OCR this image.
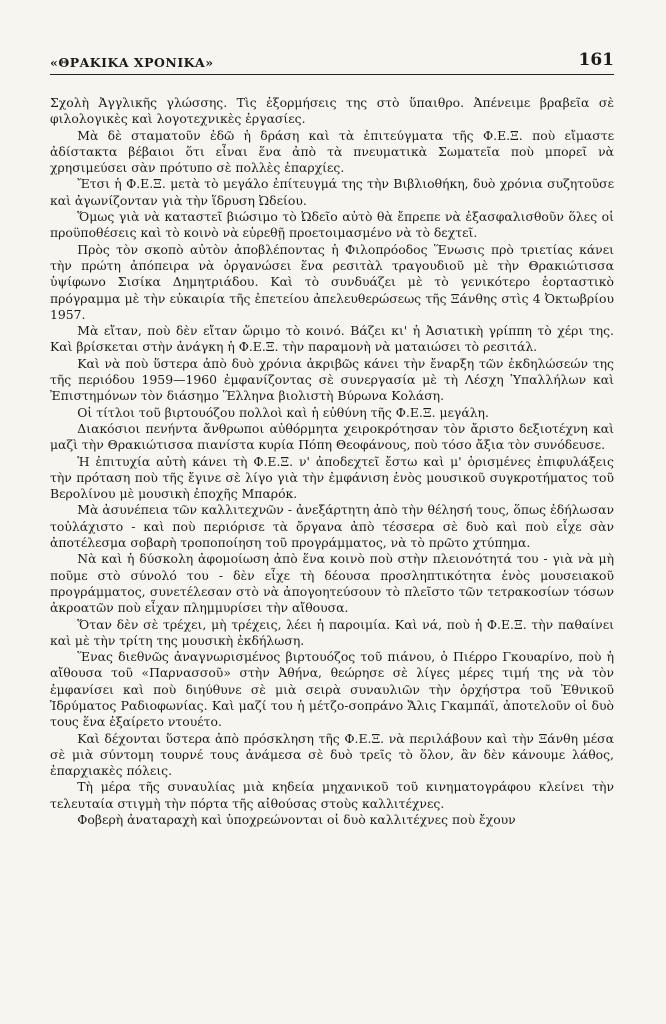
«ΘΡΑΚΙΚΑ ΧΡΟΝΙΚΑ»	161

Σχολὴ Ἀγγλικῆς γλώσσης. Τὶς ἐξορμήσεις της στὸ ὕπαιθρο. Ἀπένειμε βραβεῖα σὲ φιλολογικὲς καὶ λογοτεχνικὲς ἐργασίες.

Μὰ δὲ σταματοῦν ἐδῶ ἡ δράση καὶ τὰ ἐπιτεύγματα τῆς Φ.Ε.Ξ. ποὺ εἴμαστε ἀδίστακτα βέβαιοι ὅτι εἶναι ἕνα ἀπὸ τὰ πνευματικὰ Σωματεῖα ποὺ μπορεῖ νὰ χρησιμεύσει σὰν πρότυπο σὲ πολλὲς ἐπαρχίες.

Ἔτσι ἡ Φ.Ε.Ξ. μετὰ τὸ μεγάλο ἐπίτευγμά της τὴν Βιβλιοθήκη, δυὸ χρόνια συζητοῦσε καὶ ἀγωνίζονταν γιὰ τὴν ἵδρυση Ὠδείου.

Ὅμως γιὰ νὰ καταστεῖ βιώσιμο τὸ Ὠδεῖο αὐτὸ θὰ ἔπρεπε νὰ ἐξασφαλισθοῦν ὅλες οἱ προϋποθέσεις καὶ τὸ κοινὸ νὰ εὑρεθῇ προετοιμασμένο νὰ τὸ δεχτεῖ.

Πρὸς τὸν σκοπὸ αὐτὸν ἀποβλέποντας ἡ Φιλοπρόοδος Ἕνωσις πρὸ τριετίας κάνει τὴν πρώτη ἀπόπειρα νὰ ὀργανώσει ἕνα ρεσιτὰλ τραγουδιοῦ μὲ τὴν Θρακιώτισσα ὑψίφωνο Σισίκα Δημητριάδου. Καὶ τὸ συνδυάζει μὲ τὸ γενικότερο ἑορταστικὸ πρόγραμμα μὲ τὴν εὐκαιρία τῆς ἐπετείου ἀπελευθερώσεως τῆς Ξάνθης στὶς 4 Ὀκτωβρίου 1957.

Μὰ εἴταν, ποὺ δὲν εἴταν ὥριμο τὸ κοινό. Βάζει κι' ἡ Ἀσιατικὴ γρίππη τὸ χέρι της. Καὶ βρίσκεται στὴν ἀνάγκη ἡ Φ.Ε.Ξ. τὴν παραμονὴ νὰ ματαιώσει τὸ ρεσιτάλ.

Καὶ νὰ ποὺ ὕστερα ἀπὸ δυὸ χρόνια ἀκριβῶς κάνει τὴν ἔναρξη τῶν ἐκδηλώσεών της τῆς περιόδου 1959—1960 ἐμφανίζοντας σὲ συνεργασία μὲ τὴ Λέσχη Ὑπαλλήλων καὶ Ἐπιστημόνων τὸν διάσημο Ἕλληνα βιολιστὴ Βύρωνα Κολάση.

Οἱ τίτλοι τοῦ βιρτουόζου πολλοὶ καὶ ἡ εὐθύνη τῆς Φ.Ε.Ξ. μεγάλη.

Διακόσιοι πενήντα ἄνθρωποι αὐθόρμητα χειροκρότησαν τὸν ἄριστο δεξιοτέχνη καὶ μαζὶ τὴν Θρακιώτισσα πιανίστα κυρία Πόπη Θεοφάνους, ποὺ τόσο ἄξια τὸν συνόδευσε.

Ἡ ἐπιτυχία αὐτὴ κάνει τὴ Φ.Ε.Ξ. ν' ἀποδεχτεῖ ἔστω καὶ μ' ὁρισμένες ἐπιφυλάξεις τὴν πρόταση ποὺ τῆς ἔγινε σὲ λίγο γιὰ τὴν ἐμφάνιση ἑνὸς μουσικοῦ συγκροτήματος τοῦ Βερολίνου μὲ μουσικὴ ἐποχῆς Μπαρόκ.

Μὰ ἀσυνέπεια τῶν καλλιτεχνῶν - ἀνεξάρτητη ἀπὸ τὴν θέλησή τους, ὅπως ἐδήλωσαν τοὐλάχιστο - καὶ ποὺ περιόρισε τὰ ὄργανα ἀπὸ τέσσερα σὲ δυὸ καὶ ποὺ εἶχε σὰν ἀποτέλεσμα σοβαρὴ τροποποίηση τοῦ προγράμματος, νὰ τὸ πρῶτο χτύπημα.

Νὰ καὶ ἡ δύσκολη ἀφομοίωση ἀπὸ ἕνα κοινὸ ποὺ στὴν πλειονότητά του - γιὰ νὰ μὴ ποῦμε στὸ σύνολό του - δὲν εἶχε τὴ δέουσα προσληπτικότητα ἑνὸς μουσειακοῦ προγράμματος, συνετέλεσαν στὸ νὰ ἀπογοητεύσουν τὸ πλεῖστο τῶν τετρακοσίων τόσων ἀκροατῶν ποὺ εἶχαν πλημμυρίσει τὴν αἴθουσα.

Ὅταν δὲν σὲ τρέχει, μὴ τρέχεις, λέει ἡ παροιμία. Καὶ νά, ποὺ ἡ Φ.Ε.Ξ. τὴν παθαίνει καὶ μὲ τὴν τρίτη της μουσικὴ ἐκδήλωση.

Ἕνας διεθνῶς ἀναγνωρισμένος βιρτουόζος τοῦ πιάνου, ὁ Πιέρρο Γκουαρίνο, ποὺ ἡ αἴθουσα τοῦ «Παρνασσοῦ» στὴν Ἀθήνα, θεώρησε σὲ λίγες μέρες τιμή της νὰ τὸν ἐμφανίσει καὶ ποὺ διηύθυνε σὲ μιὰ σειρὰ συναυλιῶν τὴν ὀρχήστρα τοῦ Ἐθνικοῦ Ἱδρύματος Ραδιοφωνίας. Καὶ μαζί του ἡ μέτζο-σοπράνο Ἄλις Γκαμπάϊ, ἀποτελοῦν οἱ δυὸ τους ἕνα ἐξαίρετο ντουέτο.

Καὶ δέχονται ὕστερα ἀπὸ πρόσκληση τῆς Φ.Ε.Ξ. νὰ περιλάβουν καὶ τὴν Ξάνθη μέσα σὲ μιὰ σύντομη τουρνέ τους ἀνάμεσα σὲ δυὸ τρεῖς τὸ ὅλον, ἂν δὲν κάνουμε λάθος, ἐπαρχιακὲς πόλεις.

Τὴ μέρα τῆς συναυλίας μιὰ κηδεία μηχανικοῦ τοῦ κινηματογράφου κλείνει τὴν τελευταία στιγμὴ τὴν πόρτα τῆς αἰθούσας στοὺς καλλιτέχνες.

Φοβερὴ ἀναταραχὴ καὶ ὑποχρεώνονται οἱ δυὸ καλλιτέχνες ποὺ ἔχουν
